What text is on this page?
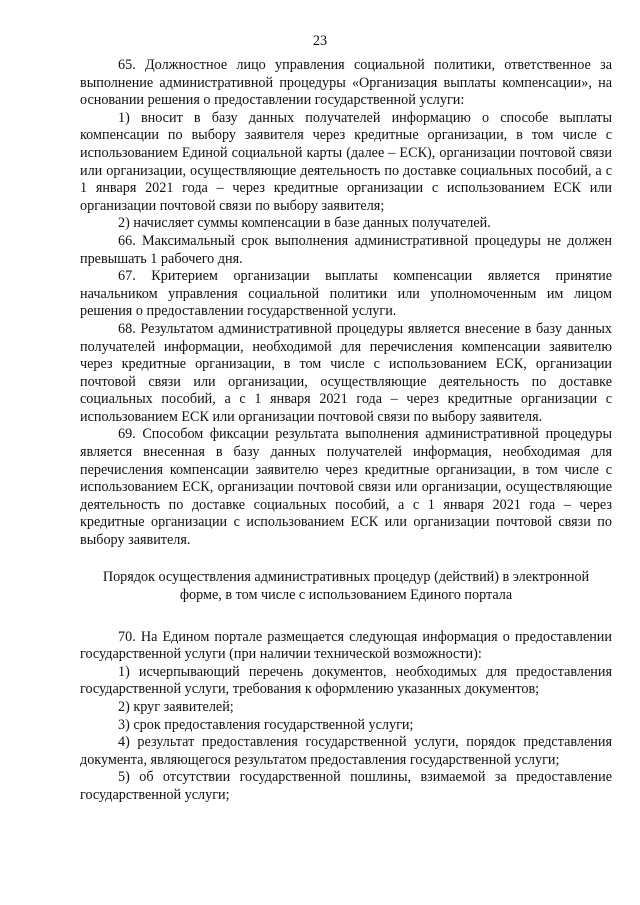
23

65. Должностное лицо управления социальной политики, ответственное за выполнение административной процедуры «Организация выплаты компенсации», на основании решения о предоставлении государственной услуги:

1) вносит в базу данных получателей информацию о способе выплаты компенсации по выбору заявителя через кредитные организации, в том числе с использованием Единой социальной карты (далее – ЕСК), организации почтовой связи или организации, осуществляющие деятельность по доставке социальных пособий, а с 1 января 2021 года – через кредитные организации с использованием ЕСК или организации почтовой связи по выбору заявителя;

2) начисляет суммы компенсации в базе данных получателей.

66. Максимальный срок выполнения административной процедуры не должен превышать 1 рабочего дня.

67. Критерием организации выплаты компенсации является принятие начальником управления социальной политики или уполномоченным им лицом решения о предоставлении государственной услуги.

68. Результатом административной процедуры является внесение в базу данных получателей информации, необходимой для перечисления компенсации заявителю через кредитные организации, в том числе с использованием ЕСК, организации почтовой связи или организации, осуществляющие деятельность по доставке социальных пособий, а с 1 января 2021 года – через кредитные организации с использованием ЕСК или организации почтовой связи по выбору заявителя.

69. Способом фиксации результата выполнения административной процедуры является внесенная в базу данных получателей информация, необходимая для перечисления компенсации заявителю через кредитные организации, в том числе с использованием ЕСК, организации почтовой связи или организации, осуществляющие деятельность по доставке социальных пособий, а с 1 января 2021 года – через кредитные организации с использованием ЕСК или организации почтовой связи по выбору заявителя.

Порядок осуществления административных процедур (действий) в электронной форме, в том числе с использованием Единого портала

70. На Едином портале размещается следующая информация о предоставлении государственной услуги (при наличии технической возможности):

1) исчерпывающий перечень документов, необходимых для предоставления государственной услуги, требования к оформлению указанных документов;

2) круг заявителей;

3) срок предоставления государственной услуги;

4) результат предоставления государственной услуги, порядок представления документа, являющегося результатом предоставления государственной услуги;

5) об отсутствии государственной пошлины, взимаемой за предоставление государственной услуги;
